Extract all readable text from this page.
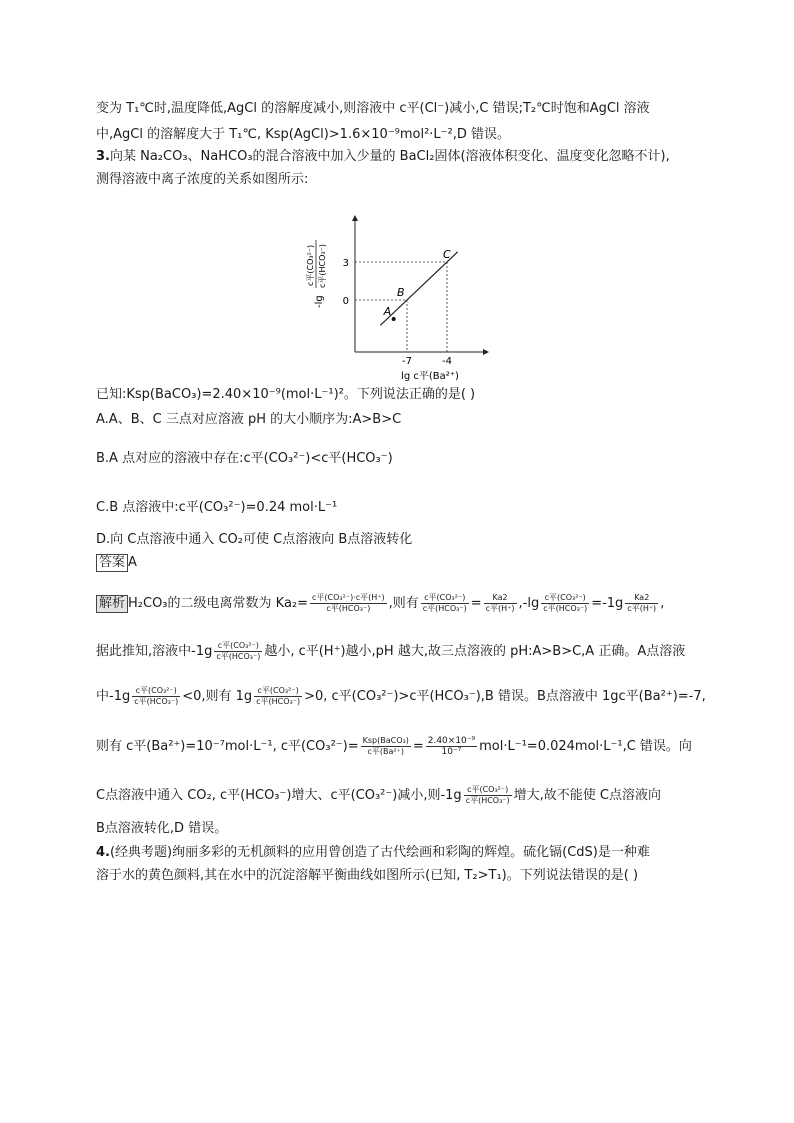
变为 T₁℃时,温度降低,AgCl 的溶解度减小,则溶液中 c平(Cl⁻)减小,C 错误;T₂℃时饱和AgCl 溶液
中,AgCl 的溶解度大于 T₁℃, Ksp(AgCl)>1.6×10⁻⁹mol²·L⁻²,D 错误。
3.向某 Na₂CO₃、NaHCO₃的混合溶液中加入少量的 BaCl₂固体(溶液体积变化、温度变化忽略不计),
测得溶液中离子浓度的关系如图所示:
A
B
C
-7	-4
3
0
lg c平(Ba²⁺)
-lg
c平(CO₃²⁻) c平(HCO₃⁻)
已知:Ksp(BaCO₃)=2.40×10⁻⁹(mol·L⁻¹)²。下列说法正确的是( )
A.A、B、C 三点对应溶液 pH 的大小顺序为:A>B>C
B.A 点对应的溶液中存在:c平(CO₃²⁻)<c平(HCO₃⁻)
C.B 点溶液中:c平(CO₃²⁻)=0.24 mol·L⁻¹
D.向 C点溶液中通入 CO₂可使 C点溶液向 B点溶液转化
答案 A
解析 H₂CO₃的二级电离常数为 $Ka_2= \frac{\text{c平(CO₃²⁻)·c平(H⁺)}}{\text{c平(HCO₃⁻)}}$ ,则有 $\frac{\text{c平(CO₃²⁻)}}{\text{c平(HCO₃⁻)}} = \frac{Ka2}{\text{c平(H⁺)}} ,-\lg \frac{\text{c平(CO₃²⁻)}}{\text{c平(HCO₃⁻)}} =-1g \frac{Ka2}{\text{c平(H⁺)}}$ ,
据此推知,溶液中$-1g \frac{\text{c平(CO₃²⁻)}}{\text{c平(HCO₃⁻)}}$ 越小, c平(H⁺)越小,pH 越大,故三点溶液的 pH:A>B>C,A 正确。A点溶液
中$-1g \frac{\text{c平(CO₃²⁻)}}{\text{c平(HCO₃⁻)}} <0$,则有 $1g \frac{\text{c平(CO₃²⁻)}}{\text{c平(HCO₃⁻)}} >0$, c平(CO₃²⁻)>c平(HCO₃⁻),B 错误。B点溶液中 1gc平(Ba²⁺)=-7,
则有 c平(Ba²⁺)=10⁻⁷mol·L⁻¹, c平$(CO_3^{2-})= \frac{\text{Ksp(BaCO₃)}}{\text{c平(Ba²⁺)}} = \frac{\text{2.40×10⁻⁹}}{\text{10⁻⁷}} mol\cdot L^{-1}=0.024mol\cdot L^{-1},C$ 错误。向
C点溶液中通入 CO₂, c平(HCO₃⁻)增大、c平(CO₃²⁻)减小,则$-1g \frac{\text{c平(CO₃²⁻)}}{\text{c平(HCO₃⁻)}}$ 增大,故不能使 C点溶液向
B点溶液转化,D 错误。
4.(经典考题)绚丽多彩的无机颜料的应用曾创造了古代绘画和彩陶的辉煌。硫化镉(CdS)是一种难
溶于水的黄色颜料,其在水中的沉淀溶解平衡曲线如图所示(已知, T₂>T₁)。下列说法错误的是( )
